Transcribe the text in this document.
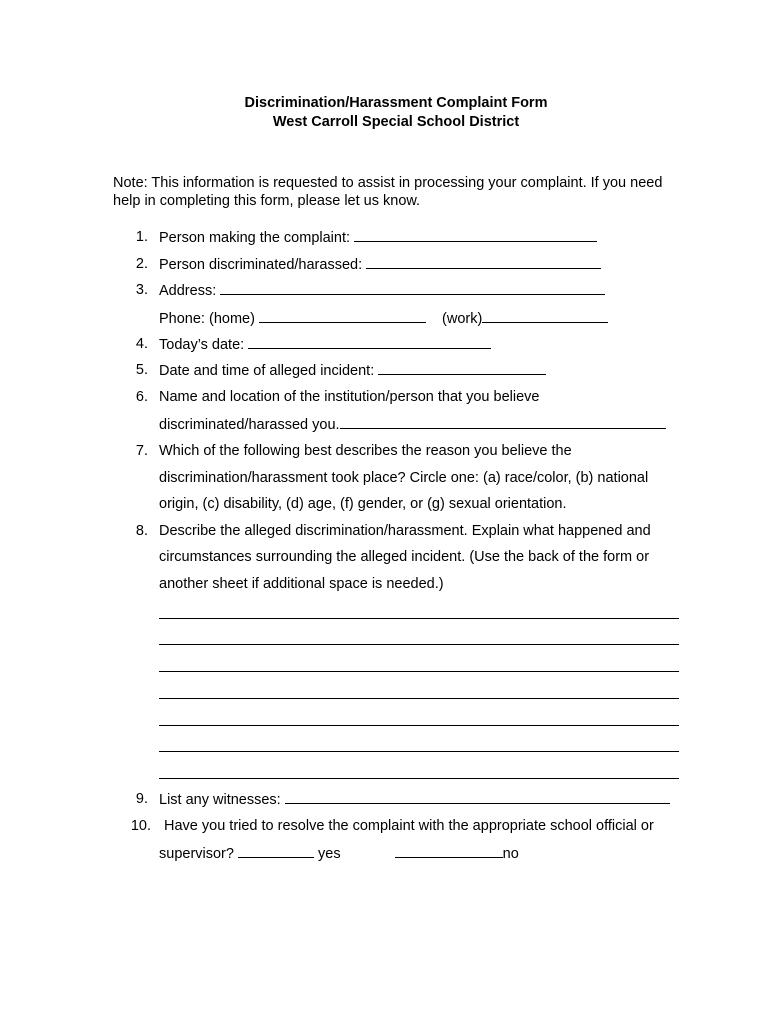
Discrimination/Harassment Complaint Form
West Carroll Special School District
Note: This information is requested to assist in processing your complaint. If you need help in completing this form, please let us know.
1. Person making the complaint:
2. Person discriminated/harassed:
3. Address:
Phone: (home)	(work)
4. Today’s date:
5. Date and time of alleged incident:
6. Name and location of the institution/person that you believe
discriminated/harassed you.
7. Which of the following best describes the reason you believe the
discrimination/harassment took place? Circle one: (a) race/color, (b) national
origin, (c) disability, (d) age, (f) gender, or (g) sexual orientation.
8. Describe the alleged discrimination/harassment. Explain what happened and
circumstances surrounding the alleged incident. (Use the back of the form or
another sheet if additional space is needed.)
9. List any witnesses:
10. Have you tried to resolve the complaint with the appropriate school official or
supervisor?	yes	no
